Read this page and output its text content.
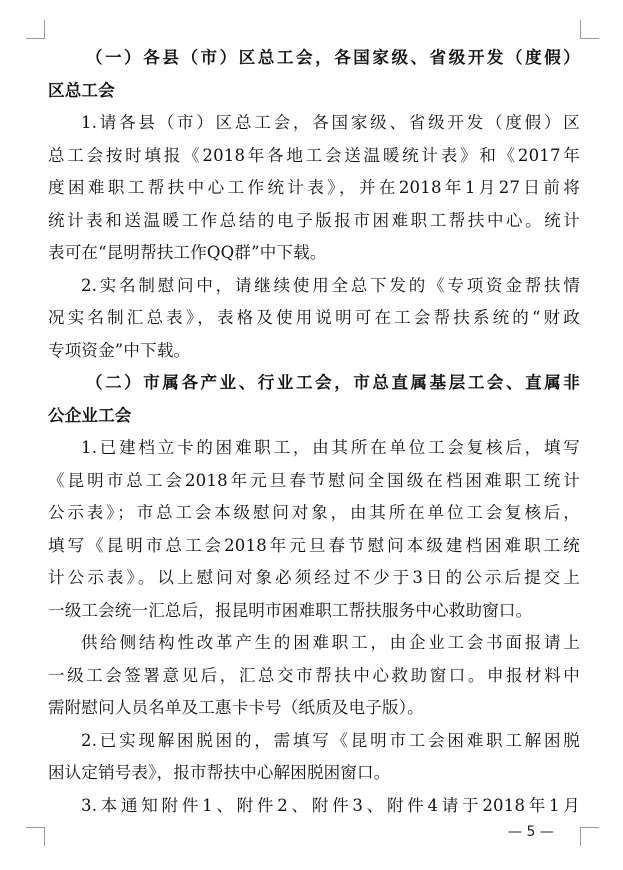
（一）各县（市）区总工会，各国家级、省级开发（度假）
区总工会
1.请各县（市）区总工会，各国家级、省级开发（度假）区
总工会按时填报《2018年各地工会送温暖统计表》和《2017年
度困难职工帮扶中心工作统计表》，并在2018年1月27日前将
统计表和送温暖工作总结的电子版报市困难职工帮扶中心。统计
表可在“昆明帮扶工作QQ群”中下载。
2.实名制慰问中，请继续使用全总下发的《专项资金帮扶情
况实名制汇总表》，表格及使用说明可在工会帮扶系统的“财政
专项资金”中下载。
（二）市属各产业、行业工会，市总直属基层工会、直属非
公企业工会
1.已建档立卡的困难职工，由其所在单位工会复核后，填写
《昆明市总工会2018年元旦春节慰问全国级在档困难职工统计
公示表》；市总工会本级慰问对象，由其所在单位工会复核后，
填写《昆明市总工会2018年元旦春节慰问本级建档困难职工统
计公示表》。以上慰问对象必须经过不少于3日的公示后提交上
一级工会统一汇总后，报昆明市困难职工帮扶服务中心救助窗口。
供给侧结构性改革产生的困难职工，由企业工会书面报请上
一级工会签署意见后，汇总交市帮扶中心救助窗口。申报材料中
需附慰问人员名单及工惠卡卡号（纸质及电子版）。
2.已实现解困脱困的，需填写《昆明市工会困难职工解困脱
困认定销号表》，报市帮扶中心解困脱困窗口。
3.本通知附件1、附件2、附件3、附件4请于2018年1月
— 5 —
